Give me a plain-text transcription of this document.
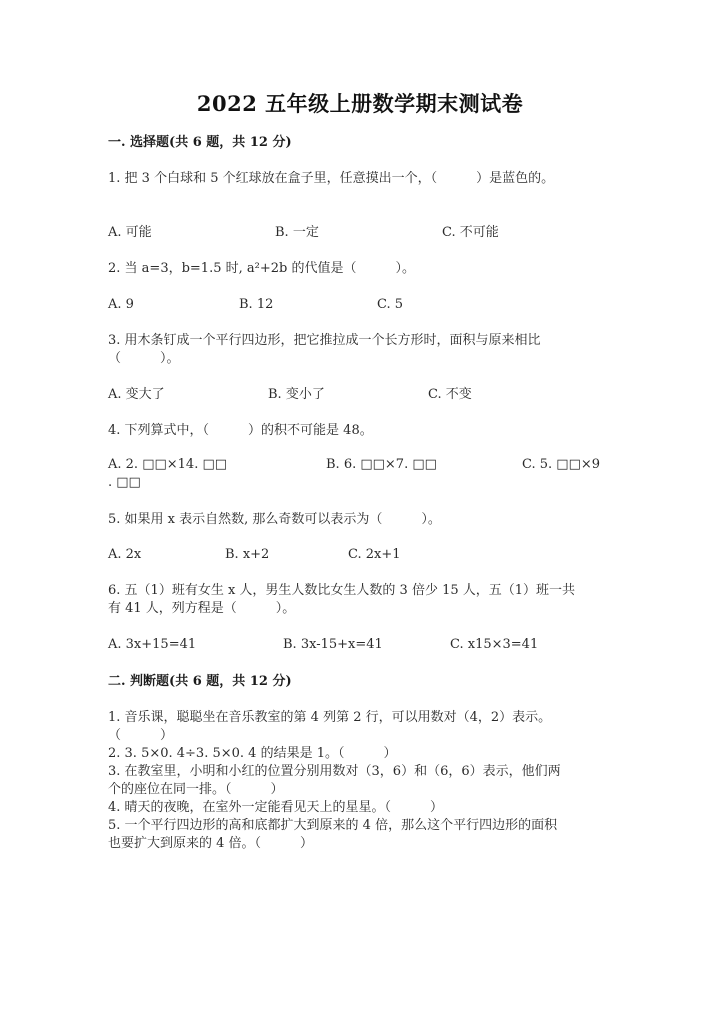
2022 五年级上册数学期末测试卷
一. 选择题(共 6 题，共 12 分)
1. 把 3 个白球和 5 个红球放在盒子里，任意摸出一个，（　　　）是蓝色的。
A. 可能	B. 一定	C. 不可能
2. 当 a=3，b=1.5 时, a²+2b 的代值是（　　　）。
A. 9	B. 12	C. 5
3. 用木条钉成一个平行四边形，把它推拉成一个长方形时，面积与原来相比
（　　　）。
A. 变大了	B. 变小了	C. 不变
4. 下列算式中，（　　　）的积不可能是 48。
A. 2. □□×14. □□	B. 6. □□×7. □□	C. 5. □□×9
. □□
5. 如果用 x 表示自然数, 那么奇数可以表示为（　　　）。
A. 2x	B. x+2	C. 2x+1
6. 五（1）班有女生 x 人，男生人数比女生人数的 3 倍少 15 人，五（1）班一共
有 41 人，列方程是（　　　）。
A. 3x+15=41	B. 3x-15+x=41	C. x15×3=41
二. 判断题(共 6 题，共 12 分)
1. 音乐课，聪聪坐在音乐教室的第 4 列第 2 行，可以用数对（4，2）表示。
（　　　）
2. 3. 5×0. 4÷3. 5×0. 4 的结果是 1。（　　　）
3. 在教室里，小明和小红的位置分别用数对（3，6）和（6，6）表示，他们两
个的座位在同一排。（　　　）
4. 晴天的夜晚，在室外一定能看见天上的星星。（　　　）
5. 一个平行四边形的高和底都扩大到原来的 4 倍，那么这个平行四边形的面积
也要扩大到原来的 4 倍。（　　　）
